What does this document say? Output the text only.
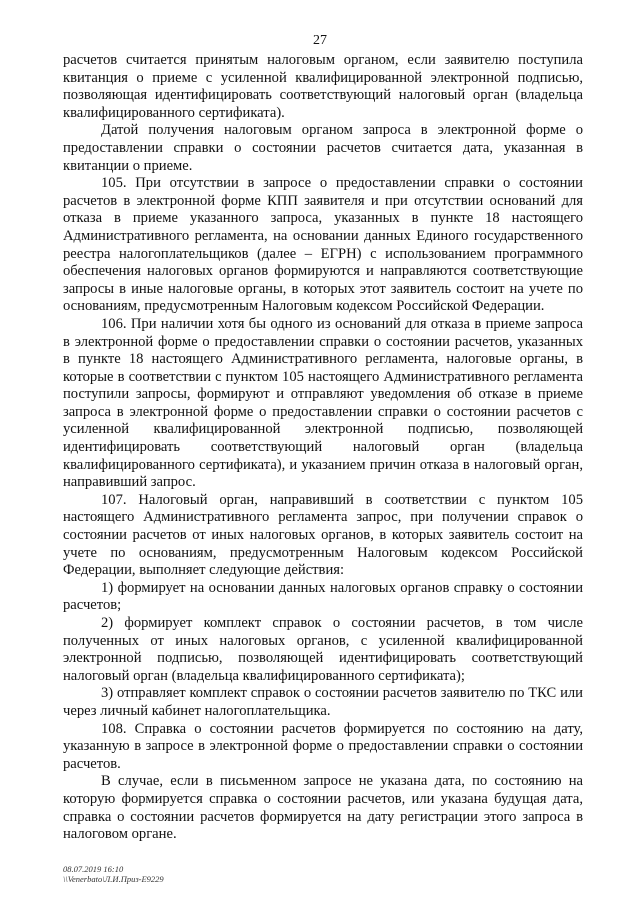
27

расчетов считается принятым налоговым органом, если заявителю поступила квитанция о приеме с усиленной квалифицированной электронной подписью, позволяющая идентифицировать соответствующий налоговый орган (владельца квалифицированного сертификата).

Датой получения налоговым органом запроса в электронной форме о предоставлении справки о состоянии расчетов считается дата, указанная в квитанции о приеме.

105. При отсутствии в запросе о предоставлении справки о состоянии расчетов в электронной форме КПП заявителя и при отсутствии оснований для отказа в приеме указанного запроса, указанных в пункте 18 настоящего Административного регламента, на основании данных Единого государственного реестра налогоплательщиков (далее – ЕГРН) с использованием программного обеспечения налоговых органов формируются и направляются соответствующие запросы в иные налоговые органы, в которых этот заявитель состоит на учете по основаниям, предусмотренным Налоговым кодексом Российской Федерации.

106. При наличии хотя бы одного из оснований для отказа в приеме запроса в электронной форме о предоставлении справки о состоянии расчетов, указанных в пункте 18 настоящего Административного регламента, налоговые органы, в которые в соответствии с пунктом 105 настоящего Административного регламента поступили запросы, формируют и отправляют уведомления об отказе в приеме запроса в электронной форме о предоставлении справки о состоянии расчетов с усиленной квалифицированной электронной подписью, позволяющей идентифицировать соответствующий налоговый орган (владельца квалифицированного сертификата), и указанием причин отказа в налоговый орган, направивший запрос.

107. Налоговый орган, направивший в соответствии с пунктом 105 настоящего Административного регламента запрос, при получении справок о состоянии расчетов от иных налоговых органов, в которых заявитель состоит на учете по основаниям, предусмотренным Налоговым кодексом Российской Федерации, выполняет следующие действия:

1) формирует на основании данных налоговых органов справку о состоянии расчетов;

2) формирует комплект справок о состоянии расчетов, в том числе полученных от иных налоговых органов, с усиленной квалифицированной электронной подписью, позволяющей идентифицировать соответствующий налоговый орган (владельца квалифицированного сертификата);

3) отправляет комплект справок о состоянии расчетов заявителю по ТКС или через личный кабинет налогоплательщика.

108. Справка о состоянии расчетов формируется по состоянию на дату, указанную в запросе в электронной форме о предоставлении справки о состоянии расчетов.

В случае, если в письменном запросе не указана дата, по состоянию на которую формируется справка о состоянии расчетов, или указана будущая дата, справка о состоянии расчетов формируется на дату регистрации этого запроса в налоговом органе.

08.07.2019 16:10
\\Venerbato\Л.И.Приз-Е9229
